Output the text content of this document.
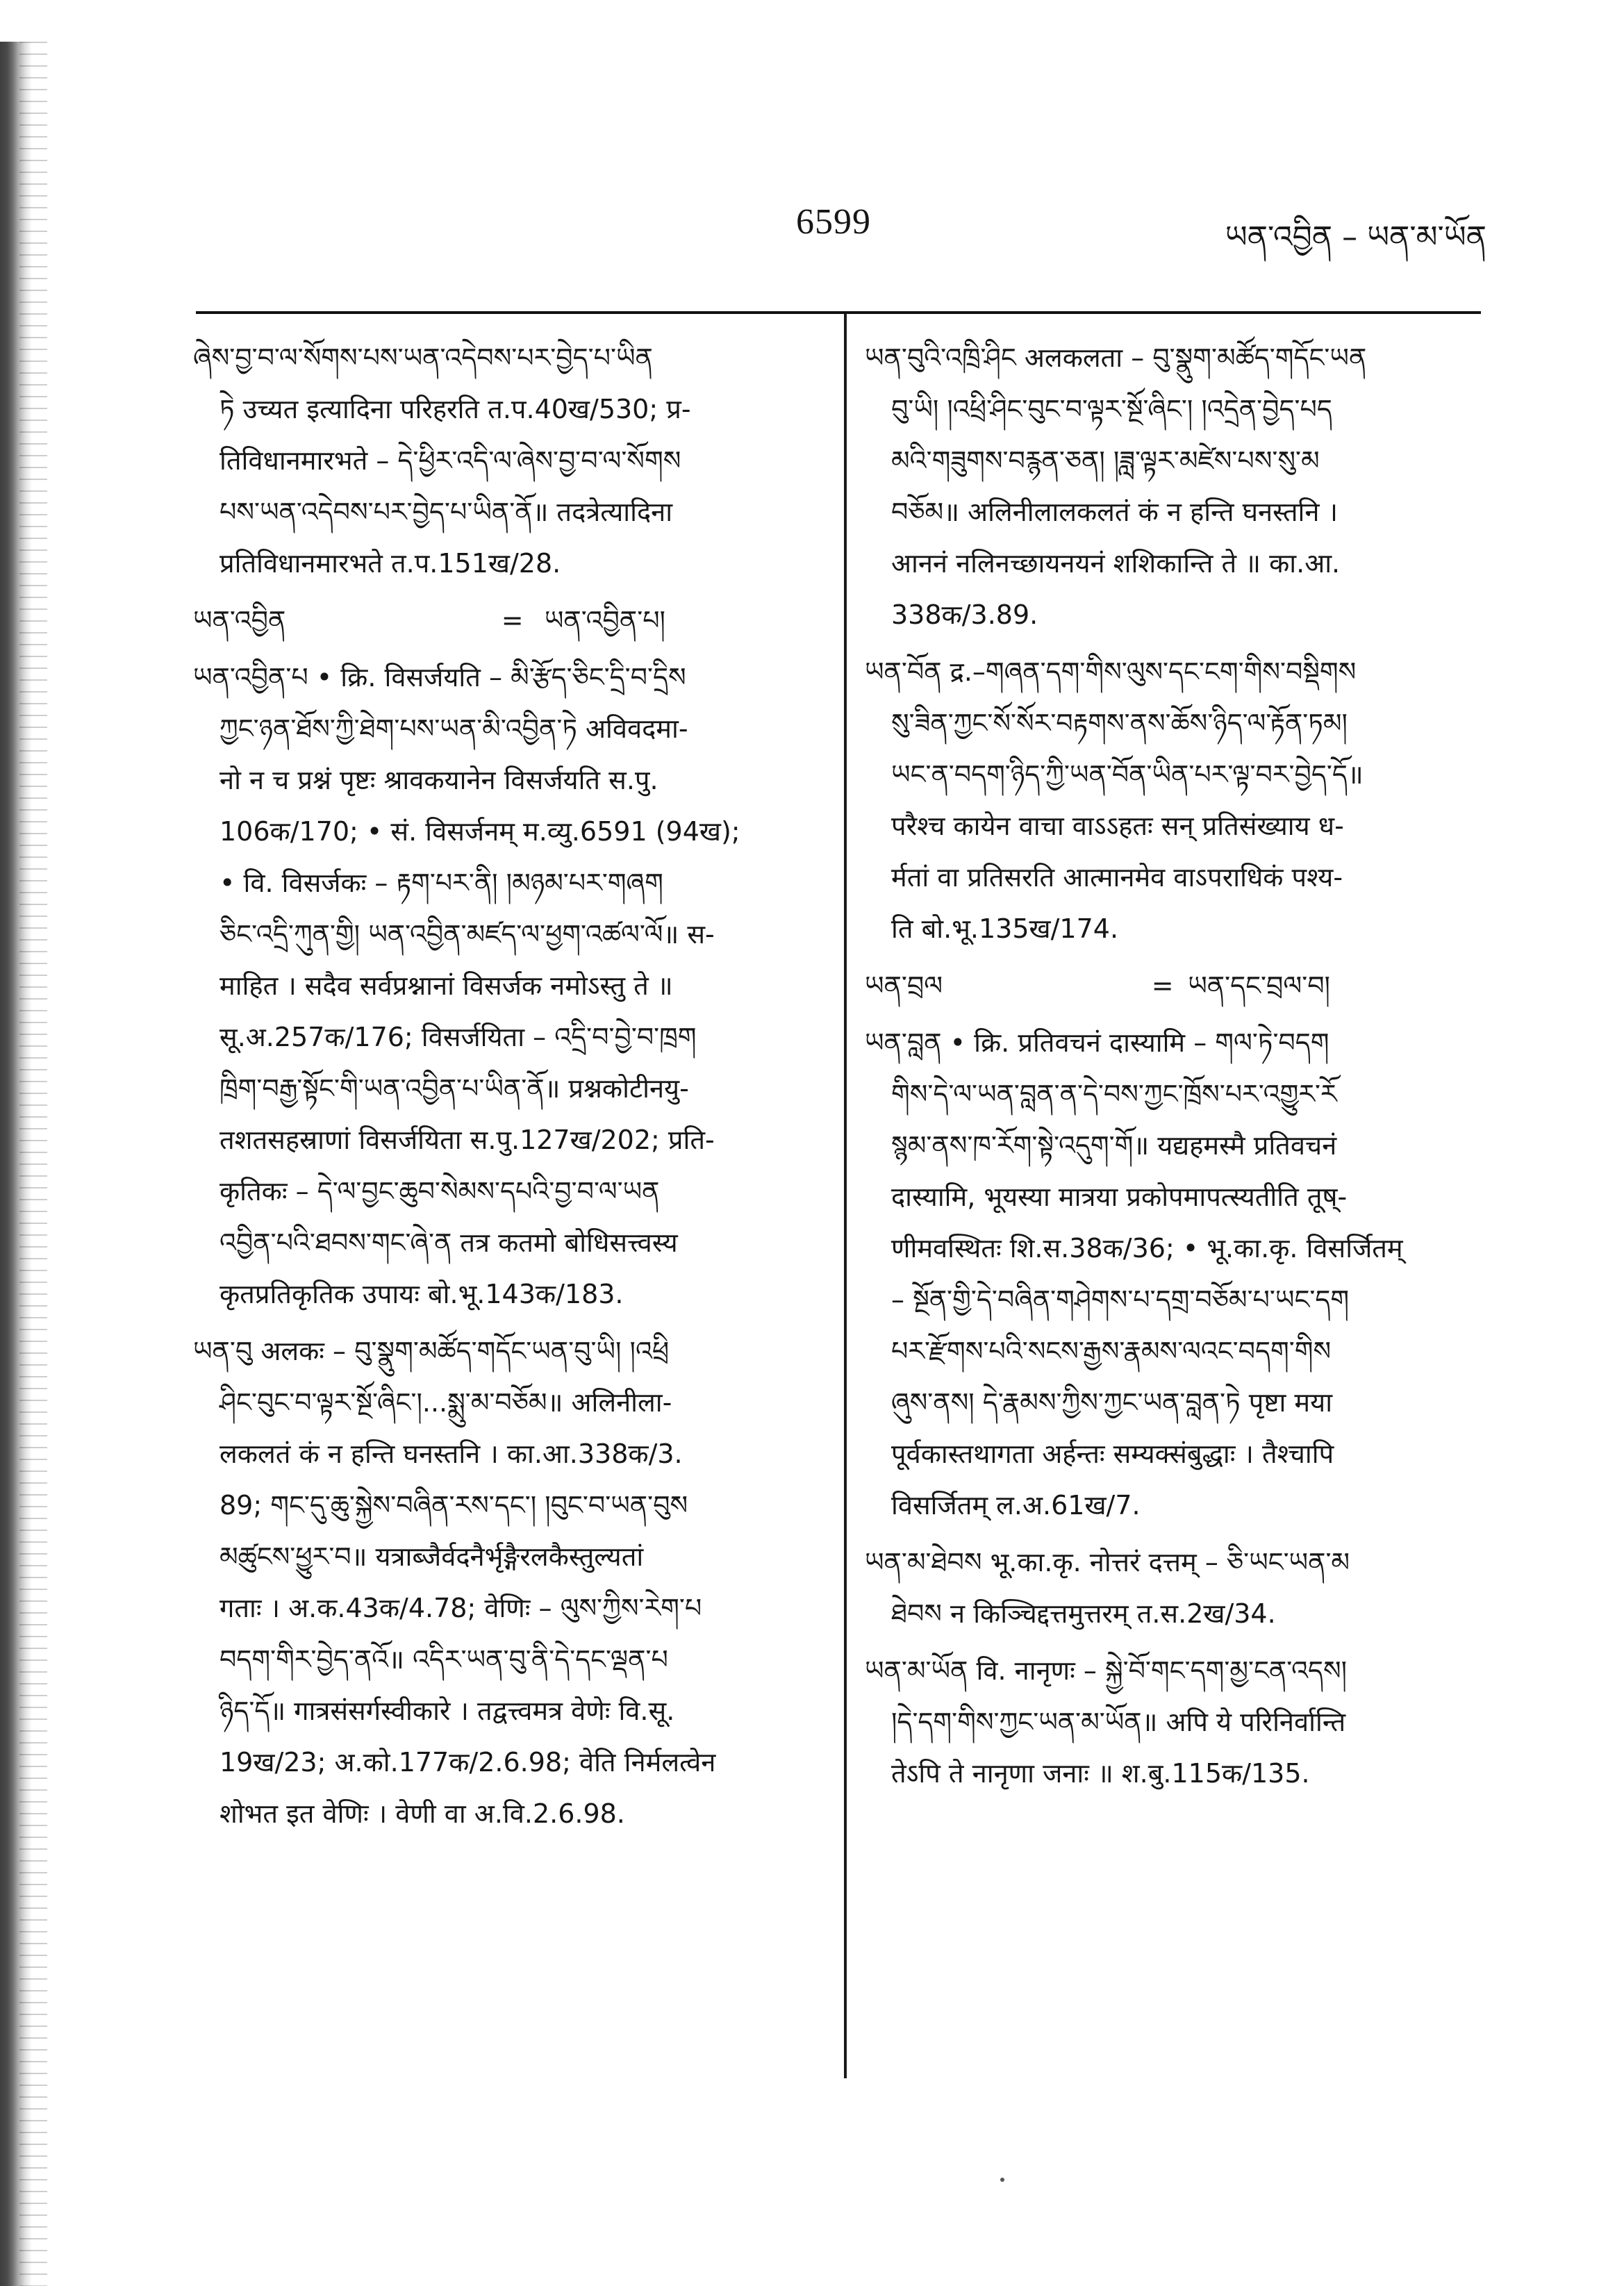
6599	ཡན་འབྱིན – ཡན་མ་ཡོན

ཞེས་བྱ་བ་ལ་སོགས་པས་ཡན་འདེབས་པར་བྱེད་པ་ཡིན

ཏེ उच्यत इत्यादिना परिहरति त.प.40ख/530; प्र-

तिविधानमारभते – དེ་ཕྱིར་འདི་ལ་ཞེས་བྱ་བ་ལ་སོགས

པས་ཡན་འདེབས་པར་བྱེད་པ་ཡིན་ནོ॥ तदत्रेत्यादिना

प्रतिविधानमारभते त.प.151ख/28.

ཡན་འབྱིན	= ཡན་འབྱིན་པ།

ཡན་འབྱིན་པ • क्रि. विसर्जयति – མི་རྩོད་ཅིང་དྲི་བ་དྲིས

ཀྱང་ཉན་ཐོས་ཀྱི་ཐེག་པས་ཡན་མི་འབྱིན་ཏེ अविवदमा-

नो न च प्रश्नं पृष्टः श्रावकयानेन विसर्जयति स.पु.

106क/170; • सं. विसर्जनम् म.व्यु.6591 (94ख);

• वि. विसर्जकः – རྟག་པར་ནི། །མཉམ་པར་གཞག

ཅིང་འདྲི་ཀུན་གྱི། ཡན་འབྱིན་མཛད་ལ་ཕྱག་འཚལ་ལོ॥ स-

माहित । सदैव सर्वप्रश्नानां विसर्जक नमोऽस्तु ते ॥

सू.अ.257क/176; विसर्जयिता – འདྲི་བ་བྱེ་བ་ཁྲག

ཁྲིག་བརྒྱ་སྟོང་གི་ཡན་འབྱིན་པ་ཡིན་ནོ॥ प्रश्नकोटीनयु-

तशतसहस्राणां विसर्जयिता स.पु.127ख/202; प्रति-

कृतिकः – དེ་ལ་བྱང་ཆུབ་སེམས་དཔའི་བྱ་བ་ལ་ཡན

འབྱིན་པའི་ཐབས་གང་ཞེ་ན तत्र कतमो बोधिसत्त्वस्य

कृतप्रतिकृतिक उपायः बो.भू.143क/183.

ཡན་བུ अलकः – བུ་སྣུག་མཚོད་གདོང་ཡན་བུ་ཡི། །འཕྲི

ཤིང་བུང་བ་ལྟར་སྔོ་ཞིང་།...སྨུ་མ་བཅོམ॥ अलिनीला-

लकलतं कं न हन्ति घनस्तनि । का.आ.338क/3.

89; གང་དུ་ཆུ་སྐྱེས་བཞིན་རས་དང་། །བུང་བ་ཡན་བུས

མཚུངས་ཕྱུར་བ॥ यत्राब्जैर्वदनैर्भृङ्गैरलकैस्तुल्यतां

गताः । अ.क.43क/4.78; वेणिः – ལུས་ཀྱིས་རེག་པ

བདག་གིར་བྱེད་ནའོ॥ འདིར་ཡན་བུ་ནི་དེ་དང་ལྡན་པ

ཉིད་དོ॥ गात्रसंसर्गस्वीकारे । तद्वत्त्वमत्र वेणेः वि.सू.

19ख/23; अ.को.177क/2.6.98; वेति निर्मलत्वेन

शोभत इत वेणिः । वेणी वा अ.वि.2.6.98.

ཡན་བུའི་འཁྲི་ཤིང अलकलता – བུ་སྣུག་མཚོད་གདོང་ཡན

བུ་ཡི། །འཕྲི་ཤིང་བུང་བ་ལྟར་སྔོ་ཞིང་། །འདྲེན་བྱེད་པད

མའི་གཟུགས་བརྙན་ཅན། །ཟླ་ལྟར་མཛེས་པས་སུ་མ

བཅོམ॥ अलिनीलालकलतं कं न हन्ति घनस्तनि ।

आननं नलिनच्छायनयनं शशिकान्ति ते ॥ का.आ.

338क/3.89.

ཡན་བོན द्र.–གཞན་དག་གིས་ལུས་དང་ངག་གིས་བསྡིགས

སུ་ཟིན་ཀྱང་སོ་སོར་བརྟགས་ནས་ཆོས་ཉིད་ལ་རྟོན་ཏམ།

ཡང་ན་བདག་ཉིད་ཀྱི་ཡན་བོན་ཡིན་པར་ལྟ་བར་བྱེད་དོ॥

परैश्च कायेन वाचा वाऽऽहतः सन् प्रतिसंख्याय ध-

र्मतां वा प्रतिसरति आत्मानमेव वाऽपराधिकं पश्य-

ति बो.भू.135ख/174.

ཡན་བྲལ	= ཡན་དང་བྲལ་བ།

ཡན་བླན • क्रि. प्रतिवचनं दास्यामि – གལ་ཏེ་བདག

གིས་དེ་ལ་ཡན་བླན་ན་དེ་བས་ཀྱང་ཁྲོས་པར་འགྱུར་རོ

སྙམ་ནས་ཁ་རོག་སྟེ་འདུག་གོ॥ यद्यहमस्मै प्रतिवचनं

दास्यामि, भूयस्या मात्रया प्रकोपमापत्स्यतीति तूष्-

णीमवस्थितः शि.स.38क/36; • भू.का.कृ. विसर्जितम्

– སྔོན་གྱི་དེ་བཞིན་གཤེགས་པ་དགྲ་བཅོམ་པ་ཡང་དག

པར་རྫོགས་པའི་སངས་རྒྱས་རྣམས་ལའང་བདག་གིས

ཞུས་ནས། དེ་རྣམས་ཀྱིས་ཀྱང་ཡན་བླན་ཏེ पृष्टा मया

पूर्वकास्तथागता अर्हन्तः सम्यक्संबुद्धाः । तैश्चापि

विसर्जितम् ल.अ.61ख/7.

ཡན་མ་ཐེབས भू.का.कृ. नोत्तरं दत्तम् – ཅི་ཡང་ཡན་མ

ཐེབས न किञ्चिद्दत्तमुत्तरम् त.स.2ख/34.

ཡན་མ་ཡོན वि. नानृणः – སྐྱེ་བོ་གང་དག་མྱ་ངན་འདས།

།དེ་དག་གིས་ཀྱང་ཡན་མ་ཡོན॥ अपि ये परिनिर्वान्ति

तेऽपि ते नानृणा जनाः ॥ श.बु.115क/135.
